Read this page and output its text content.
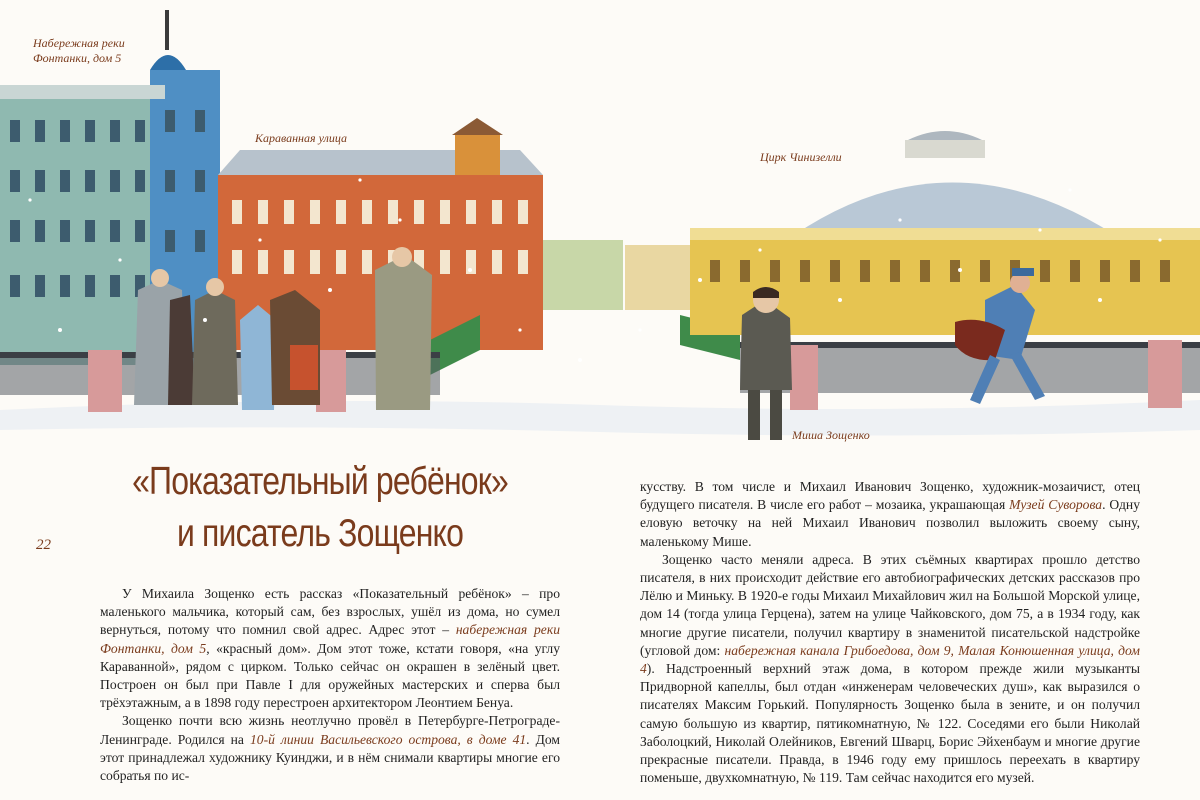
Набережная реки
Фонтанки, дом 5
Караванная улица
Цирк Чинизелли
Миша Зощенко
«Показательный ребёнок»
и писатель Зощенко
22

У Михаила Зощенко есть рассказ «Показательный ребёнок» – про маленького мальчика, который сам, без взрослых, ушёл из дома, но сумел вернуться, потому что помнил свой адрес. Адрес этот – набережная реки Фонтанки, дом 5, «красный дом». Дом этот тоже, кстати говоря, «на углу Караванной», рядом с цирком. Только сейчас он окрашен в зелёный цвет. Построен он был при Павле I для оружейных мастерских и сперва был трёхэтажным, а в 1898 году перестроен архитектором Леонтием Бенуа.

Зощенко почти всю жизнь неотлучно провёл в Петербурге-Петрограде-Ленинграде. Родился на 10-й линии Васильевского острова, в доме 41. Дом этот принадлежал художнику Куинджи, и в нём снимали квартиры многие его собратья по ис-

кусству. В том числе и Михаил Иванович Зощенко, художник-мозаичист, отец будущего писателя. В числе его работ – мозаика, украшающая Музей Суворова. Одну еловую веточку на ней Михаил Иванович позволил выложить своему сыну, маленькому Мише.

Зощенко часто меняли адреса. В этих съёмных квартирах прошло детство писателя, в них происходит действие его автобиографических детских рассказов про Лёлю и Миньку. В 1920-е годы Михаил Михайлович жил на Большой Морской улице, дом 14 (тогда улица Герцена), затем на улице Чайковского, дом 75, а в 1934 году, как многие другие писатели, получил квартиру в знаменитой писательской надстройке (угловой дом: набережная канала Грибоедова, дом 9, Малая Конюшенная улица, дом 4). Надстроенный верхний этаж дома, в котором прежде жили музыканты Придворной капеллы, был отдан «инженерам человеческих душ», как выразился о писателях Максим Горький. Популярность Зощенко была в зените, и он получил самую большую из квартир, пятикомнатную, № 122. Соседями его были Николай Заболоцкий, Николай Олейников, Евгений Шварц, Борис Эйхенбаум и многие другие прекрасные писатели. Правда, в 1946 году ему пришлось переехать в квартиру поменьше, двухкомнатную, № 119. Там сейчас находится его музей.
